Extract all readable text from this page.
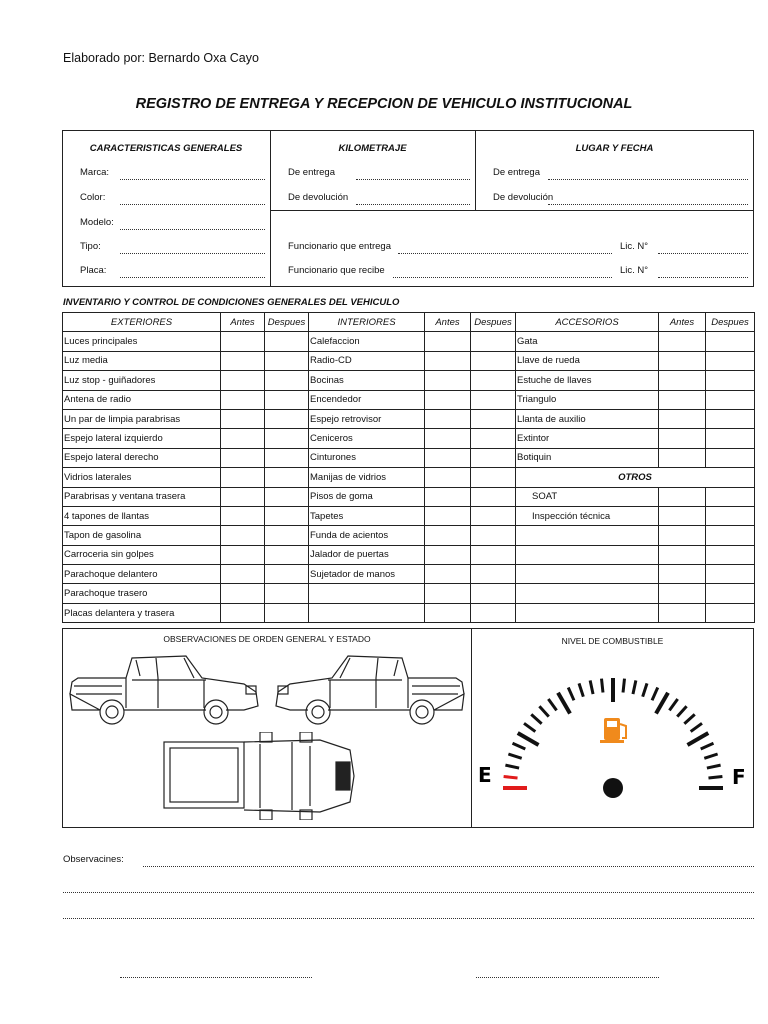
Elaborado por: Bernardo Oxa Cayo
REGISTRO DE ENTREGA Y RECEPCION DE VEHICULO INSTITUCIONAL
CARACTERISTICAS GENERALES	KILOMETRAJE	LUGAR Y FECHA
Marca:
Color:
Modelo:
Tipo:
Placa:
De entrega
De devolución
De entrega
De devolución
Funcionario que entrega	Lic. N°
Funcionario que recibe	Lic. N°
INVENTARIO Y CONTROL DE CONDICIONES GENERALES DEL VEHICULO
EXTERIORES	Antes	Despues	INTERIORES	Antes	Despues	ACCESORIOS	Antes	Despues
Luces principales			Calefaccion			Gata		
Luz media			Radio-CD			Llave de rueda		
Luz stop - guiñadores			Bocinas			Estuche de llaves		
Antena de radio			Encendedor			Triangulo		
Un par de limpia parabrisas			Espejo retrovisor			Llanta de auxilio		
Espejo lateral izquierdo			Ceniceros			Extintor		
Espejo lateral derecho			Cinturones			Botiquin		
Vidrios laterales			Manijas de vidrios			OTROS		
Parabrisas y ventana trasera			Pisos de goma			SOAT		
4 tapones de llantas			Tapetes			Inspección técnica		
Tapon de gasolina			Funda de acientos					
Carroceria sin golpes			Jalador de puertas					
Parachoque delantero			Sujetador de manos					
Parachoque trasero								
Placas delantera y trasera								
OBSERVACIONES DE ORDEN GENERAL Y ESTADO	NIVEL DE COMBUSTIBLE
E	F
Observacines:
